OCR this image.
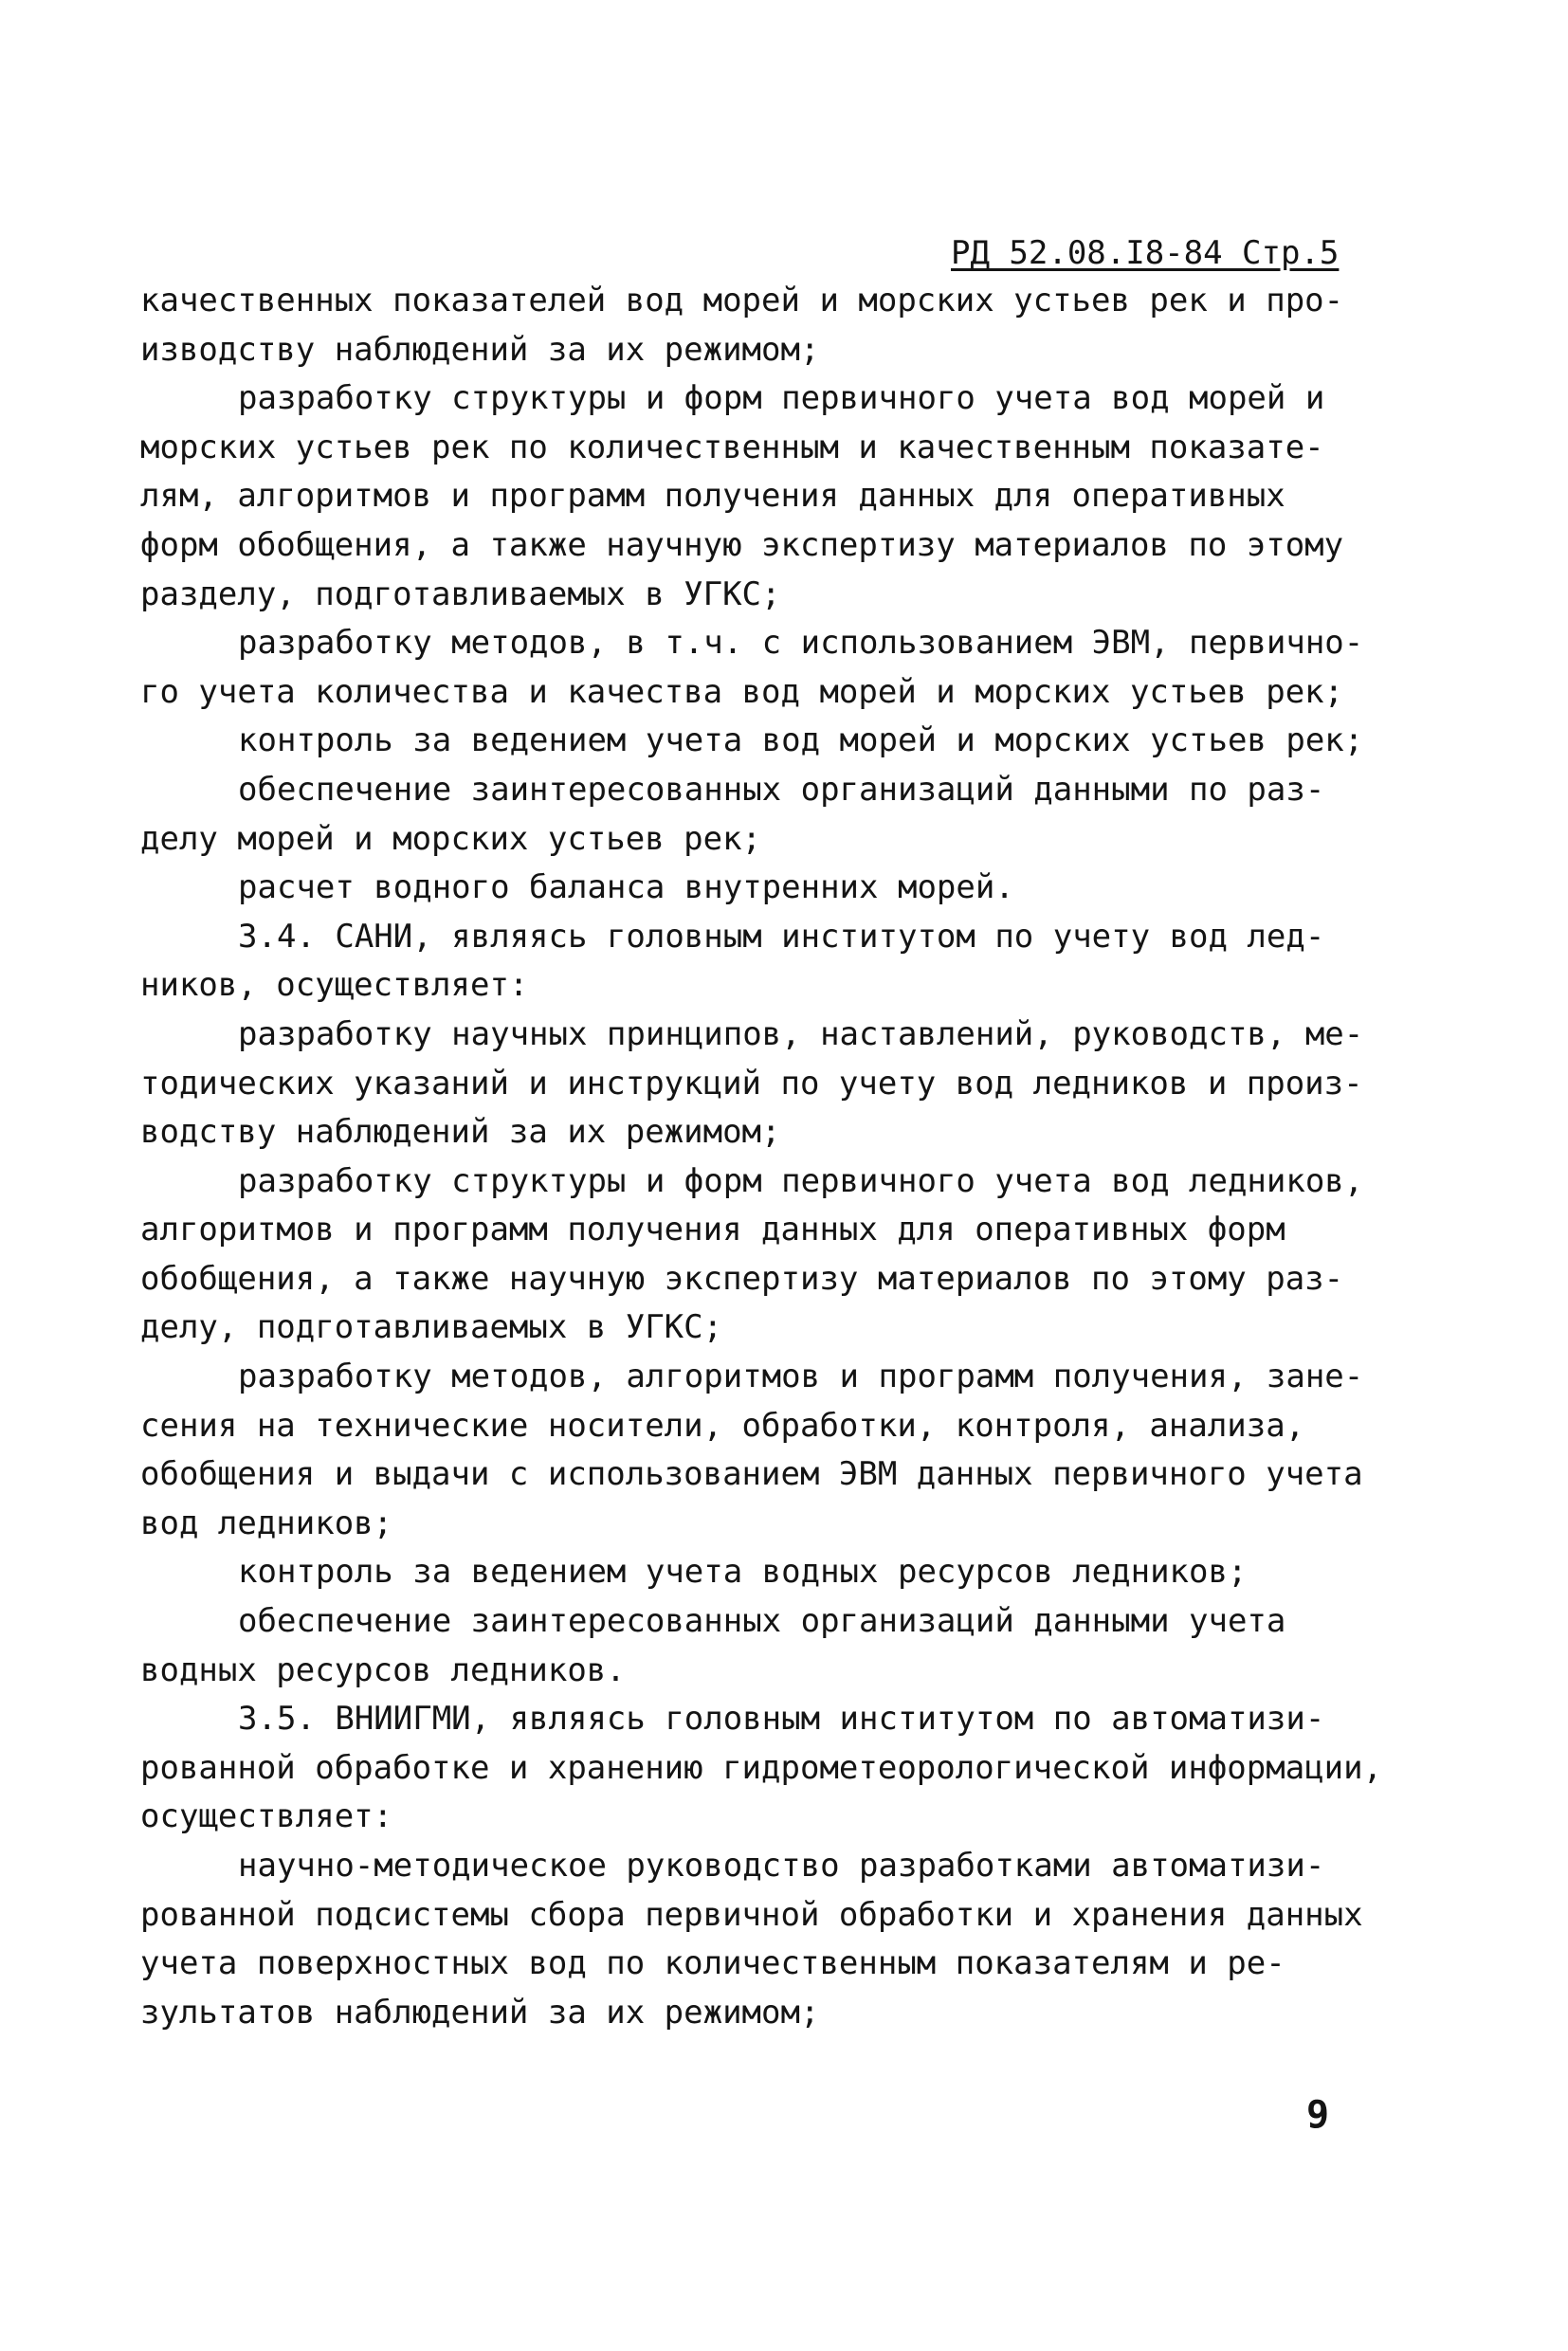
РД 52.08.I8-84 Стр.5
качественных показателей вод морей и морских устьев рек и про-
изводству наблюдений за их режимом;
разработку структуры и форм первичного учета вод морей и
морских устьев рек по количественным и качественным показате-
лям, алгоритмов и программ получения данных для оперативных
форм обобщения, а также научную экспертизу материалов по этому
разделу, подготавливаемых в УГКС;
разработку методов, в т.ч. с использованием ЭВМ, первично-
го учета количества и качества вод морей и морских устьев рек;
контроль за ведением учета вод морей и морских устьев рек;
обеспечение заинтересованных организаций данными по раз-
делу морей и морских устьев рек;
расчет водного баланса внутренних морей.
3.4. САНИ, являясь головным институтом по учету вод лед-
ников, осуществляет:
разработку научных принципов, наставлений, руководств, ме-
тодических указаний и инструкций по учету вод ледников и произ-
водству наблюдений за их режимом;
разработку структуры и форм первичного учета вод ледников,
алгоритмов и программ получения данных для оперативных форм
обобщения, а также научную экспертизу материалов по этому раз-
делу, подготавливаемых в УГКС;
разработку методов, алгоритмов и программ получения, зане-
сения на технические носители, обработки, контроля, анализа,
обобщения и выдачи с использованием ЭВМ данных первичного учета
вод ледников;
контроль за ведением учета водных ресурсов ледников;
обеспечение заинтересованных организаций данными учета
водных ресурсов ледников.
3.5. ВНИИГМИ, являясь головным институтом по автоматизи-
рованной обработке и хранению гидрометеорологической информации,
осуществляет:
научно-методическое руководство разработками автоматизи-
рованной подсистемы сбора первичной обработки и хранения данных
учета поверхностных вод по количественным показателям и ре-
зультатов наблюдений за их режимом;
9
